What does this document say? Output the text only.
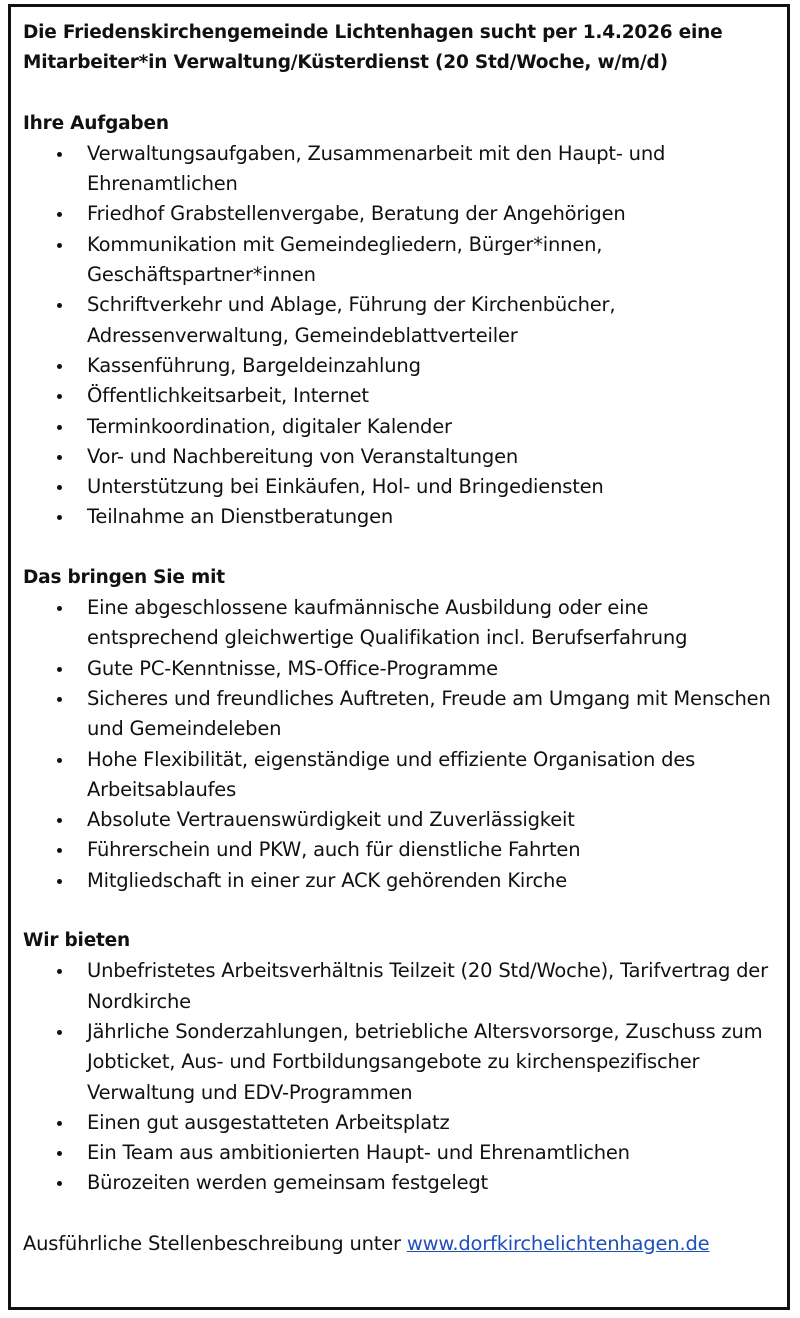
Die Friedenskirchengemeinde Lichtenhagen sucht per 1.4.2026 eine
Mitarbeiter*in Verwaltung/Küsterdienst (20 Std/Woche, w/m/d)
Ihre Aufgaben
Verwaltungsaufgaben, Zusammenarbeit mit den Haupt- und Ehrenamtlichen
Friedhof Grabstellenvergabe, Beratung der Angehörigen
Kommunikation mit Gemeindegliedern, Bürger*innen, Geschäftspartner*innen
Schriftverkehr und Ablage, Führung der Kirchenbücher, Adressenverwaltung, Gemeindeblattverteiler
Kassenführung, Bargeldeinzahlung
Öffentlichkeitsarbeit, Internet
Terminkoordination, digitaler Kalender
Vor- und Nachbereitung von Veranstaltungen
Unterstützung bei Einkäufen, Hol- und Bringediensten
Teilnahme an Dienstberatungen
Das bringen Sie mit
Eine abgeschlossene kaufmännische Ausbildung oder eine entsprechend gleichwertige Qualifikation incl. Berufserfahrung
Gute PC-Kenntnisse, MS-Office-Programme
Sicheres und freundliches Auftreten, Freude am Umgang mit Menschen und Gemeindeleben
Hohe Flexibilität, eigenständige und effiziente Organisation des Arbeitsablaufes
Absolute Vertrauenswürdigkeit und Zuverlässigkeit
Führerschein und PKW, auch für dienstliche Fahrten
Mitgliedschaft in einer zur ACK gehörenden Kirche
Wir bieten
Unbefristetes Arbeitsverhältnis Teilzeit (20 Std/Woche), Tarifvertrag der Nordkirche
Jährliche Sonderzahlungen, betriebliche Altersvorsorge, Zuschuss zum Jobticket, Aus- und Fortbildungsangebote zu kirchenspezifischer Verwaltung und EDV-Programmen
Einen gut ausgestatteten Arbeitsplatz
Ein Team aus ambitionierten Haupt- und Ehrenamtlichen
Bürozeiten werden gemeinsam festgelegt
Ausführliche Stellenbeschreibung unter www.dorfkirchelichtenhagen.de
